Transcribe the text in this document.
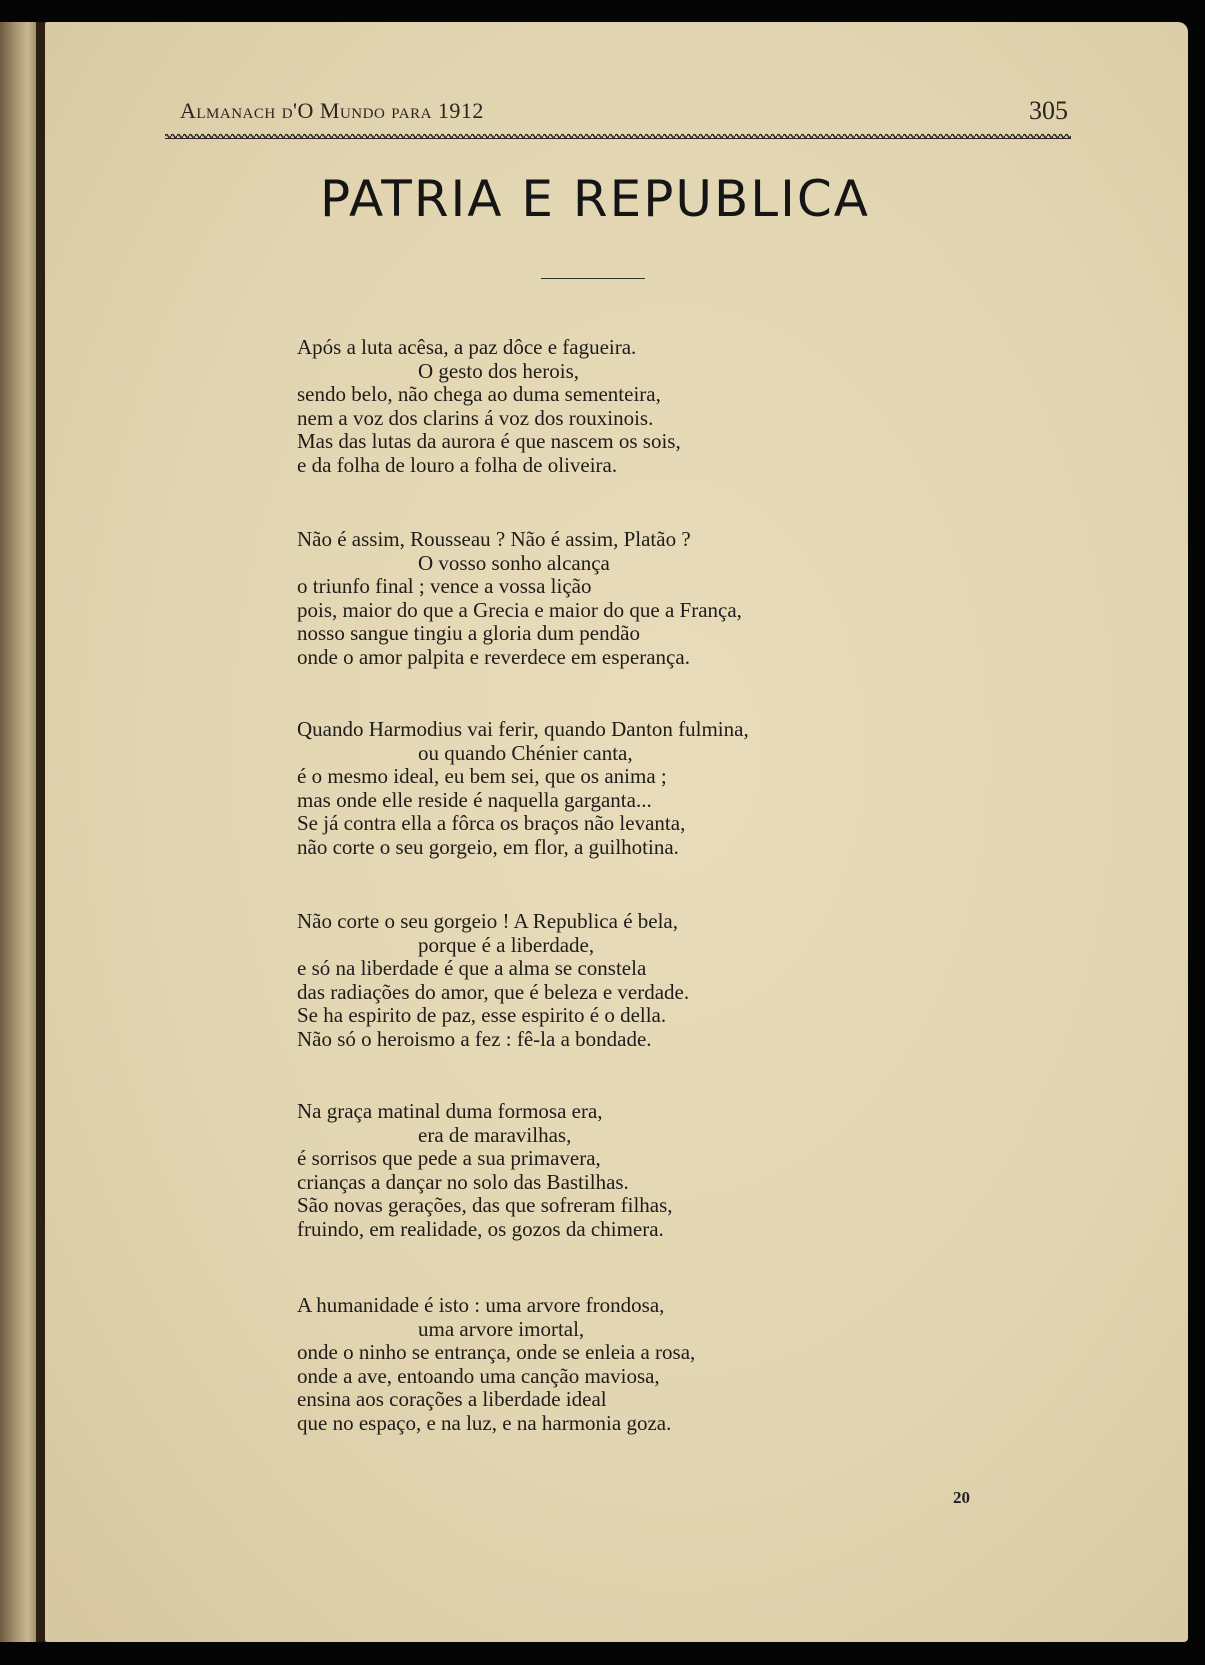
Almanach d'O Mundo para 1912	305
PATRIA E REPUBLICA
Após a luta acêsa, a paz dôce e fagueira.
O gesto dos herois,
sendo belo, não chega ao duma sementeira,
nem a voz dos clarins á voz dos rouxinois.
Mas das lutas da aurora é que nascem os sois,
e da folha de louro a folha de oliveira.
Não é assim, Rousseau ? Não é assim, Platão ?
O vosso sonho alcança
o triunfo final ; vence a vossa lição
pois, maior do que a Grecia e maior do que a França,
nosso sangue tingiu a gloria dum pendão
onde o amor palpita e reverdece em esperança.
Quando Harmodius vai ferir, quando Danton fulmina,
ou quando Chénier canta,
é o mesmo ideal, eu bem sei, que os anima ;
mas onde elle reside é naquella garganta...
Se já contra ella a fôrca os braços não levanta,
não corte o seu gorgeio, em flor, a guilhotina.
Não corte o seu gorgeio ! A Republica é bela,
porque é a liberdade,
e só na liberdade é que a alma se constela
das radiações do amor, que é beleza e verdade.
Se ha espirito de paz, esse espirito é o della.
Não só o heroismo a fez : fê-la a bondade.
Na graça matinal duma formosa era,
era de maravilhas,
é sorrisos que pede a sua primavera,
crianças a dançar no solo das Bastilhas.
São novas gerações, das que sofreram filhas,
fruindo, em realidade, os gozos da chimera.
A humanidade é isto : uma arvore frondosa,
uma arvore imortal,
onde o ninho se entrança, onde se enleia a rosa,
onde a ave, entoando uma canção maviosa,
ensina aos corações a liberdade ideal
que no espaço, e na luz, e na harmonia goza.
20
